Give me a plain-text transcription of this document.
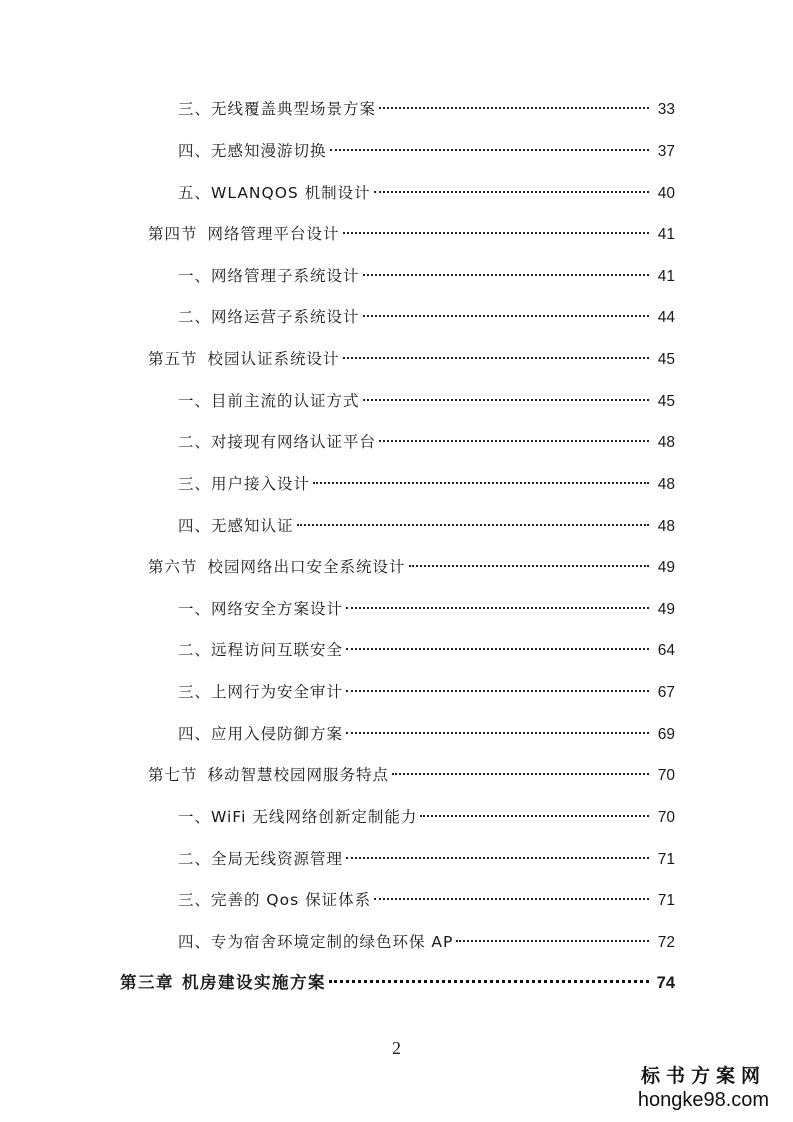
三、无线覆盖典型场景方案	33
四、无感知漫游切换	37
五、WLANQOS 机制设计	40
第四节 网络管理平台设计	41
一、网络管理子系统设计	41
二、网络运营子系统设计	44
第五节 校园认证系统设计	45
一、目前主流的认证方式	45
二、对接现有网络认证平台	48
三、用户接入设计	48
四、无感知认证	48
第六节 校园网络出口安全系统设计	49
一、网络安全方案设计	49
二、远程访问互联安全	64
三、上网行为安全审计	67
四、应用入侵防御方案	69
第七节 移动智慧校园网服务特点	70
一、WiFi 无线网络创新定制能力	70
二、全局无线资源管理	71
三、完善的 Qos 保证体系	71
四、专为宿舍环境定制的绿色环保 AP	72
第三章 机房建设实施方案	74
2
标书方案网
hongke98.com
